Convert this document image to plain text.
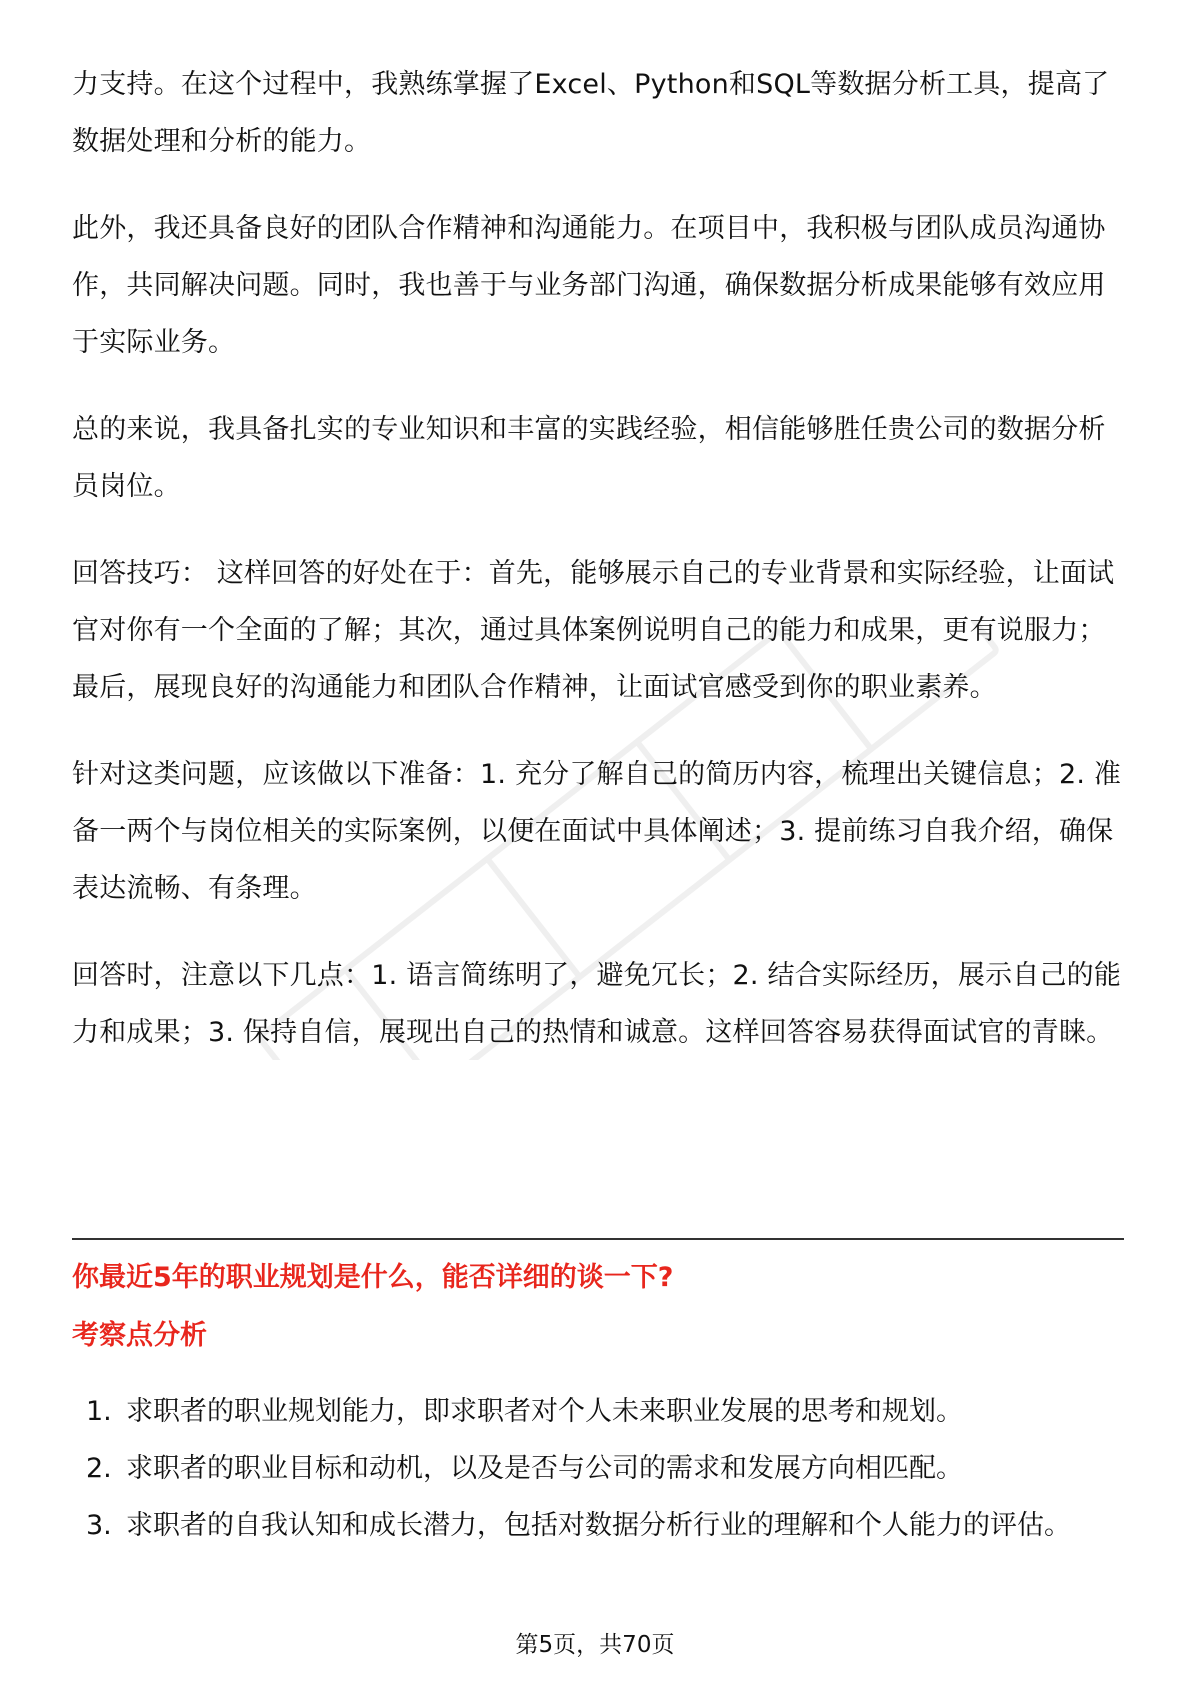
力支持。在这个过程中，我熟练掌握了Excel、Python和SQL等数据分析工具，提高了数据处理和分析的能力。

此外，我还具备良好的团队合作精神和沟通能力。在项目中，我积极与团队成员沟通协作，共同解决问题。同时，我也善于与业务部门沟通，确保数据分析成果能够有效应用于实际业务。

总的来说，我具备扎实的专业知识和丰富的实践经验，相信能够胜任贵公司的数据分析员岗位。

回答技巧： 这样回答的好处在于：首先，能够展示自己的专业背景和实际经验，让面试官对你有一个全面的了解；其次，通过具体案例说明自己的能力和成果，更有说服力；最后，展现良好的沟通能力和团队合作精神，让面试官感受到你的职业素养。

针对这类问题，应该做以下准备：1. 充分了解自己的简历内容，梳理出关键信息；2. 准备一两个与岗位相关的实际案例，以便在面试中具体阐述；3. 提前练习自我介绍，确保表达流畅、有条理。

回答时，注意以下几点：1. 语言简练明了，避免冗长；2. 结合实际经历，展示自己的能力和成果；3. 保持自信，展现出自己的热情和诚意。这样回答容易获得面试官的青睐。

你最近5年的职业规划是什么，能否详细的谈一下?
考察点分析
1. 求职者的职业规划能力，即求职者对个人未来职业发展的思考和规划。
2. 求职者的职业目标和动机，以及是否与公司的需求和发展方向相匹配。
3. 求职者的自我认知和成长潜力，包括对数据分析行业的理解和个人能力的评估。
第5页，共70页
